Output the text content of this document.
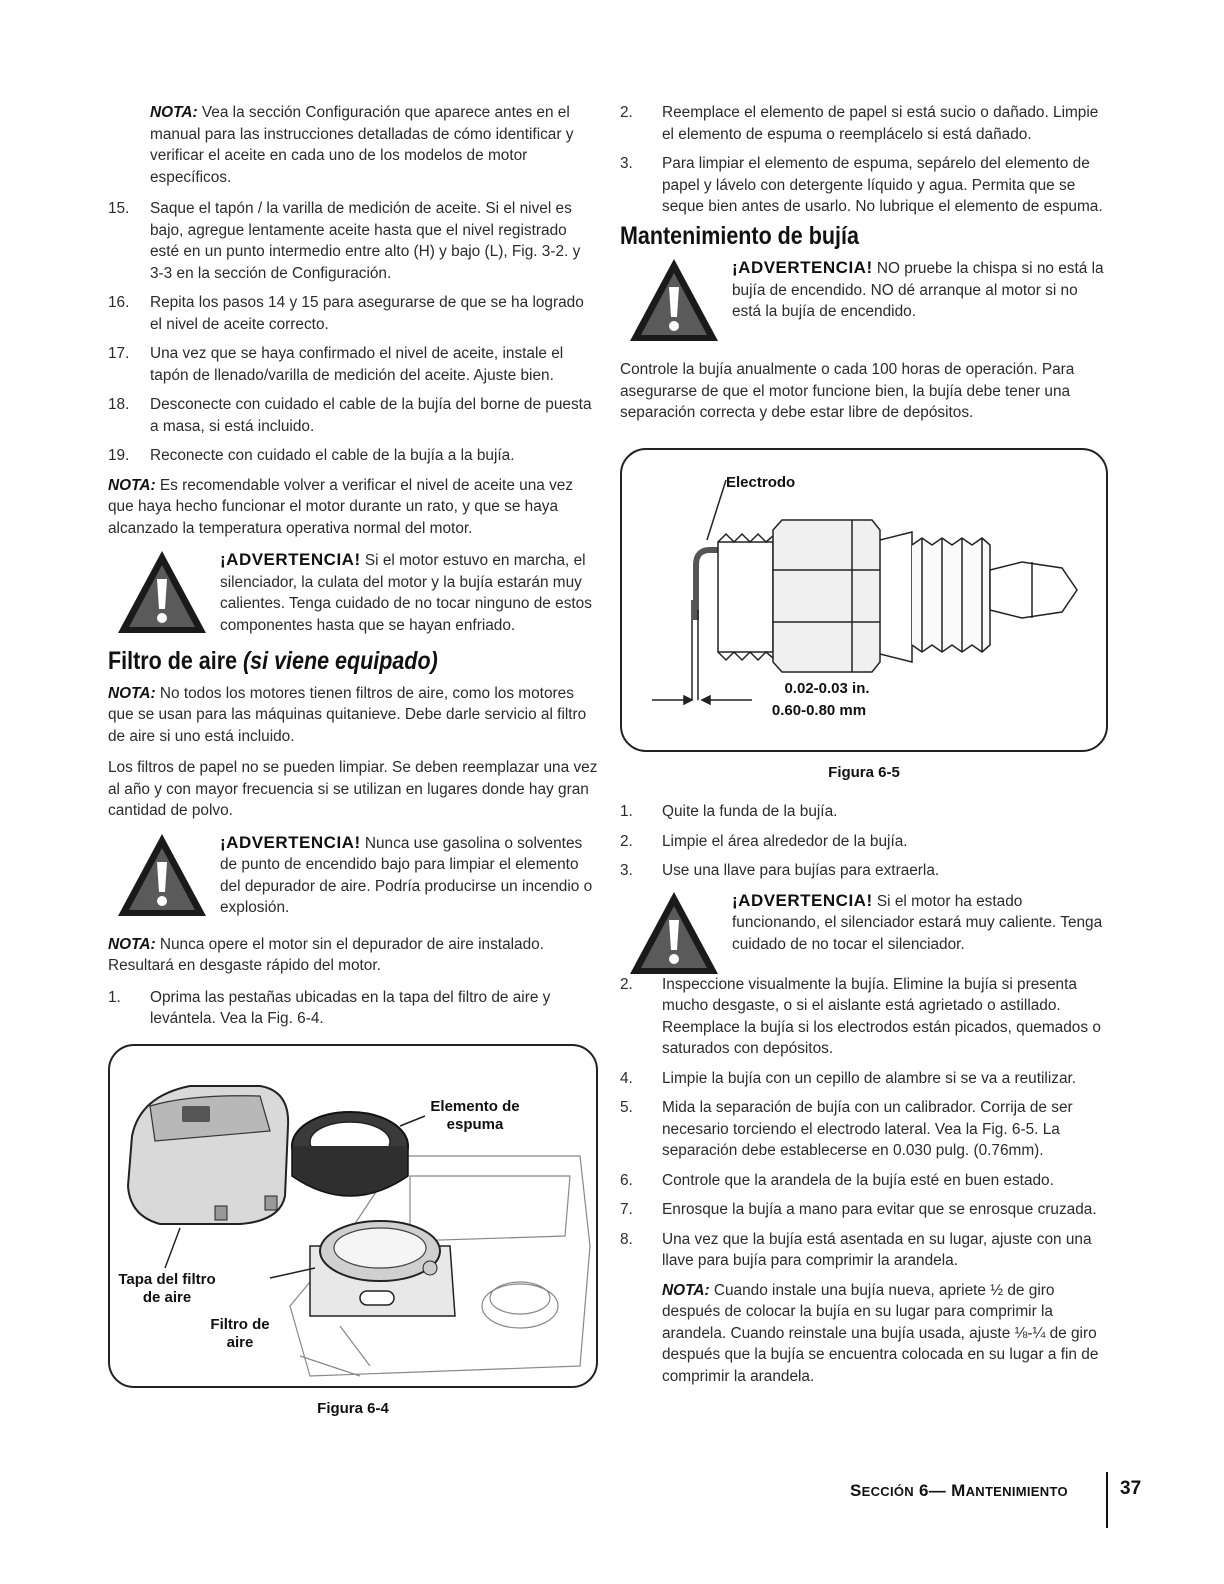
NOTA: Vea la sección Configuración que aparece antes en el manual para las instrucciones detalladas de cómo identificar y verificar el aceite en cada uno de los modelos de motor específicos.

15. Saque el tapón / la varilla de medición de aceite. Si el nivel es bajo, agregue lentamente aceite hasta que el nivel registrado esté en un punto intermedio entre alto (H) y bajo (L), Fig. 3-2. y 3-3 en la sección de Configuración.
16. Repita los pasos 14 y 15 para asegurarse de que se ha logrado el nivel de aceite correcto.
17. Una vez que se haya confirmado el nivel de aceite, instale el tapón de llenado/varilla de medición del aceite. Ajuste bien.
18. Desconecte con cuidado el cable de la bujía del borne de puesta a masa, si está incluido.
19. Reconecte con cuidado el cable de la bujía a la bujía.

NOTA: Es recomendable volver a verificar el nivel de aceite una vez que haya hecho funcionar el motor durante un rato, y que se haya alcanzado la temperatura operativa normal del motor.

¡ADVERTENCIA! Si el motor estuvo en marcha, el silenciador, la culata del motor y la bujía estarán muy calientes. Tenga cuidado de no tocar ninguno de estos componentes hasta que se hayan enfriado.
Filtro de aire (si viene equipado)

NOTA: No todos los motores tienen filtros de aire, como los motores que se usan para las máquinas quitanieve. Debe darle servicio al filtro de aire si uno está incluido.

Los filtros de papel no se pueden limpiar. Se deben reemplazar una vez al año y con mayor frecuencia si se utilizan en lugares donde hay gran cantidad de polvo.

¡ADVERTENCIA! Nunca use gasolina o solventes de punto de encendido bajo para limpiar el elemento del depurador de aire. Podría producirse un incendio o explosión.

NOTA: Nunca opere el motor sin el depurador de aire instalado. Resultará en desgaste rápido del motor.

1. Oprima las pestañas ubicadas en la tapa del filtro de aire y levántela. Vea la Fig. 6-4.
Elemento de espuma
Tapa del filtro de aire
Filtro de aire
Figura 6-4
2. Reemplace el elemento de papel si está sucio o dañado. Limpie el elemento de espuma o reemplácelo si está dañado.
3. Para limpiar el elemento de espuma, sepárelo del elemento de papel y lávelo con detergente líquido y agua. Permita que se seque bien antes de usarlo. No lubrique el elemento de espuma.
Mantenimiento de bujía
¡ADVERTENCIA! NO pruebe la chispa si no está la bujía de encendido. NO dé arranque al motor si no está la bujía de encendido.

Controle la bujía anualmente o cada 100 horas de operación. Para asegurarse de que el motor funcione bien, la bujía debe tener una separación correcta y debe estar libre de depósitos.

Electrodo
0.02-0.03 in.
0.60-0.80 mm
Figura 6-5
1. Quite la funda de la bujía.
2. Limpie el área alrededor de la bujía.
3. Use una llave para bujías para extraerla.
¡ADVERTENCIA! Si el motor ha estado funcionando, el silenciador estará muy caliente. Tenga cuidado de no tocar el silenciador.
2. Inspeccione visualmente la bujía. Elimine la bujía si presenta mucho desgaste, o si el aislante está agrietado o astillado. Reemplace la bujía si los electrodos están picados, quemados o saturados con depósitos.
4. Limpie la bujía con un cepillo de alambre si se va a reutilizar.
5. Mida la separación de bujía con un calibrador. Corrija de ser necesario torciendo el electrodo lateral. Vea la Fig. 6-5. La separación debe establecerse en 0.030 pulg. (0.76mm).
6. Controle que la arandela de la bujía esté en buen estado.
7. Enrosque la bujía a mano para evitar que se enrosque cruzada.
8. Una vez que la bujía está asentada en su lugar, ajuste con una llave para bujía para comprimir la arandela.

NOTA: Cuando instale una bujía nueva, apriete ½ de giro después de colocar la bujía en su lugar para comprimir la arandela. Cuando reinstale una bujía usada, ajuste ⅛-¼ de giro después que la bujía se encuentra colocada en su lugar a fin de comprimir la arandela.

SECCIÓN 6— MANTENIMIENTO	37
